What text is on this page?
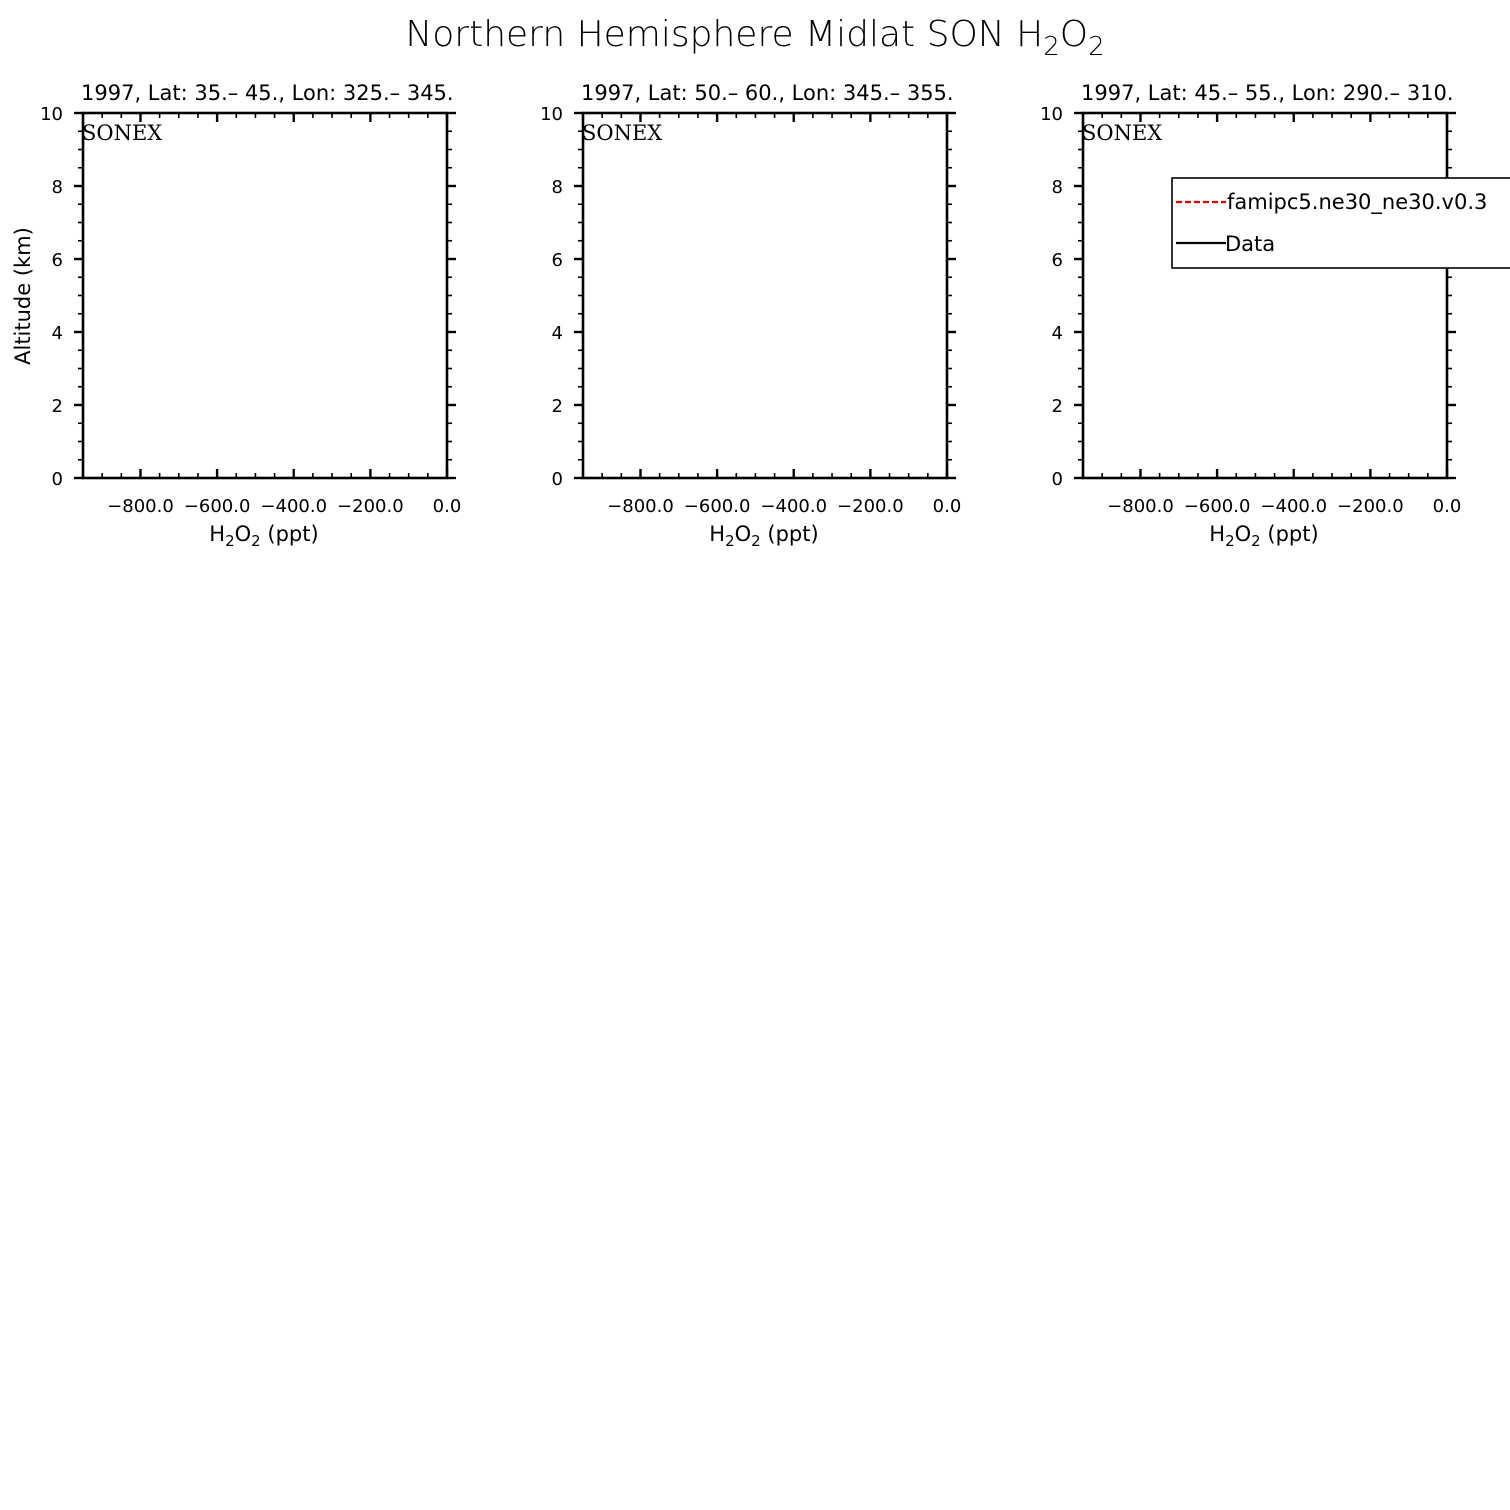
Northern Hemisphere Midlat SON $H_2O_2$
Altitude (km)
−800.0 −600.0 −400.0 −200.0 0.0
0
2
4
6
8
10
1997, Lat: 35.– 45., Lon: 325.– 345.
SONEX
$H_2O_2$ (ppt)
−800.0 −600.0 −400.0 −200.0 0.0
0
2
4
6
8
10
1997, Lat: 50.– 60., Lon: 345.– 355.
SONEX
$H_2O_2$ (ppt)
−800.0 −600.0 −400.0 −200.0 0.0
0
2
4
6
8
10
1997, Lat: 45.– 55., Lon: 290.– 310.
SONEX
$H_2O_2$ (ppt)
famipc5.ne30_ne30.v0.3
Data
